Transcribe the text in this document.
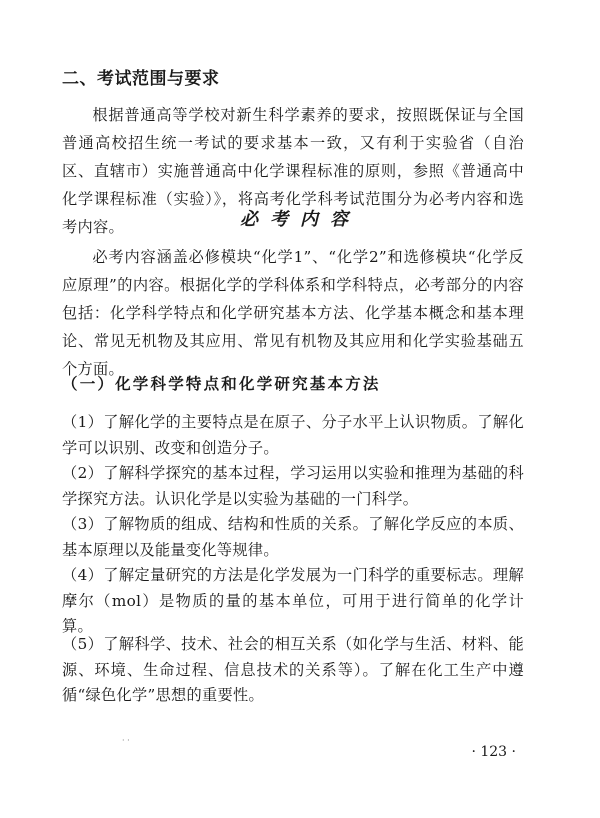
二、考试范围与要求

根据普通高等学校对新生科学素养的要求，按照既保证与全国普通高校招生统一考试的要求基本一致，又有利于实验省（自治区、直辖市）实施普通高中化学课程标准的原则，参照《普通高中化学课程标准（实验）》，将高考化学科考试范围分为必考内容和选考内容。	必考内容

必考内容涵盖必修模块“化学1”、“化学2”和选修模块“化学反应原理”的内容。根据化学的学科体系和学科特点，必考部分的内容包括：化学科学特点和化学研究基本方法、化学基本概念和基本理论、常见无机物及其应用、常见有机物及其应用和化学实验基础五个方面。

（一）化学科学特点和化学研究基本方法

（1）了解化学的主要特点是在原子、分子水平上认识物质。了解化学可以识别、改变和创造分子。

（2）了解科学探究的基本过程，学习运用以实验和推理为基础的科学探究方法。认识化学是以实验为基础的一门科学。

（3）了解物质的组成、结构和性质的关系。了解化学反应的本质、基本原理以及能量变化等规律。

（4）了解定量研究的方法是化学发展为一门科学的重要标志。理解摩尔（mol）是物质的量的基本单位，可用于进行简单的化学计算。

（5）了解科学、技术、社会的相互关系（如化学与生活、材料、能源、环境、生命过程、信息技术的关系等）。了解在化工生产中遵循“绿色化学”思想的重要性。

· ·

· 123 ·
